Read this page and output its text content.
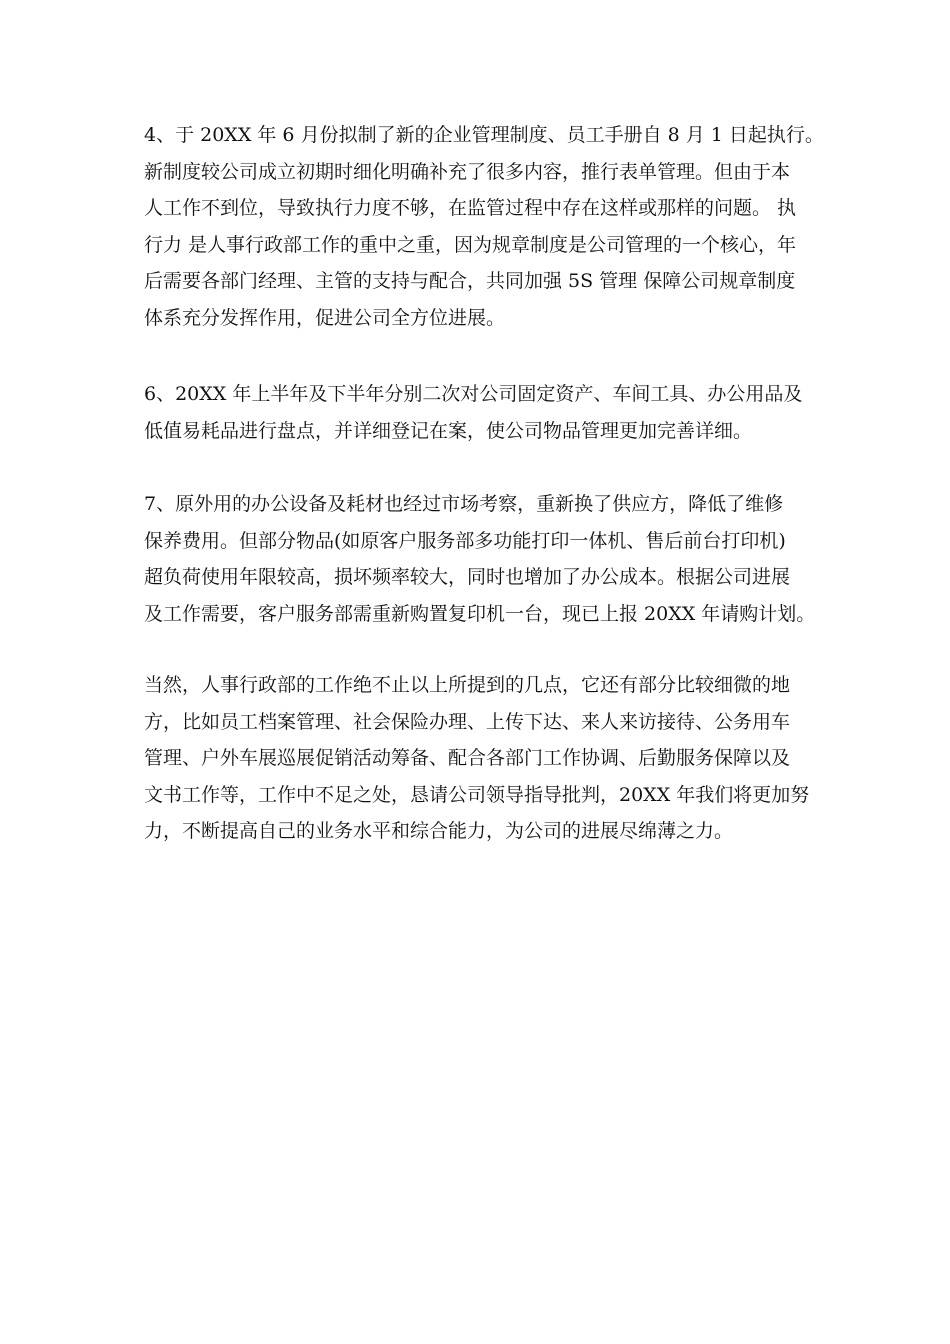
4、于 20XX 年 6 月份拟制了新的企业管理制度、员工手册自 8 月 1 日起执行。
新制度较公司成立初期时细化明确补充了很多内容，推行表单管理。但由于本
人工作不到位，导致执行力度不够，在监管过程中存在这样或那样的问题。 执
行力 是人事行政部工作的重中之重，因为规章制度是公司管理的一个核心，年
后需要各部门经理、主管的支持与配合，共同加强 5S 管理 保障公司规章制度
体系充分发挥作用，促进公司全方位进展。

6、20XX 年上半年及下半年分别二次对公司固定资产、车间工具、办公用品及
低值易耗品进行盘点，并详细登记在案，使公司物品管理更加完善详细。

7、原外用的办公设备及耗材也经过市场考察，重新换了供应方，降低了维修
保养费用。但部分物品(如原客户服务部多功能打印一体机、售后前台打印机)
超负荷使用年限较高，损坏频率较大，同时也增加了办公成本。根据公司进展
及工作需要，客户服务部需重新购置复印机一台，现已上报 20XX 年请购计划。

当然，人事行政部的工作绝不止以上所提到的几点，它还有部分比较细微的地
方，比如员工档案管理、社会保险办理、上传下达、来人来访接待、公务用车
管理、户外车展巡展促销活动筹备、配合各部门工作协调、后勤服务保障以及
文书工作等，工作中不足之处，恳请公司领导指导批判，20XX 年我们将更加努
力，不断提高自己的业务水平和综合能力，为公司的进展尽绵薄之力。
